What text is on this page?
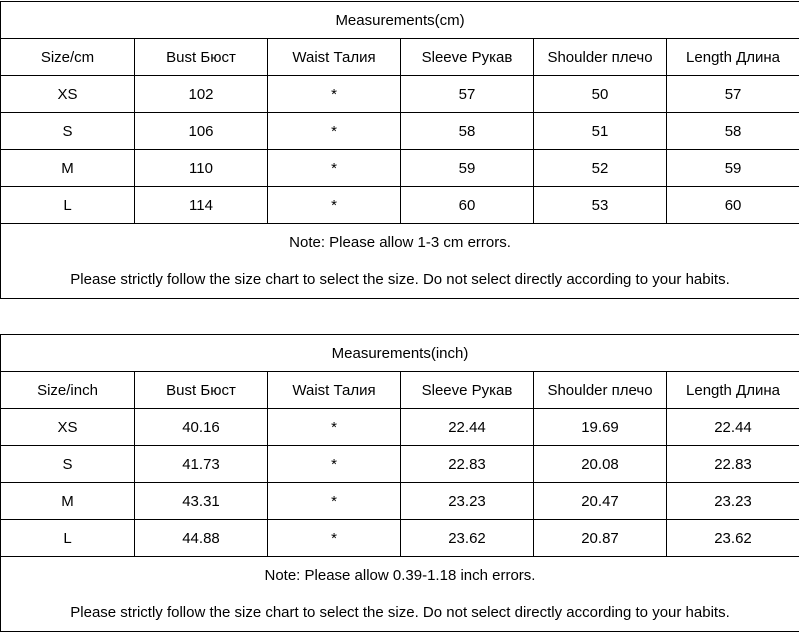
Measurements(cm)					
Size/cm	Bust Бюст	Waist Талия	Sleeve Рукав	Shoulder плечо	Length Длина
XS	102	*	57	50	57
S	106	*	58	51	58
M	110	*	59	52	59
L	114	*	60	53	60

Note: Please allow 1-3 cm errors.
Please strictly follow the size chart to select the size. Do not select directly according to your habits.					
Measurements(inch)					
Size/inch	Bust Бюст	Waist Талия	Sleeve Рукав	Shoulder плечо	Length Длина
XS	40.16	*	22.44	19.69	22.44
S	41.73	*	22.83	20.08	22.83
M	43.31	*	23.23	20.47	23.23
L	44.88	*	23.62	20.87	23.62

Note: Please allow 0.39-1.18 inch errors.
Please strictly follow the size chart to select the size. Do not select directly according to your habits.					
